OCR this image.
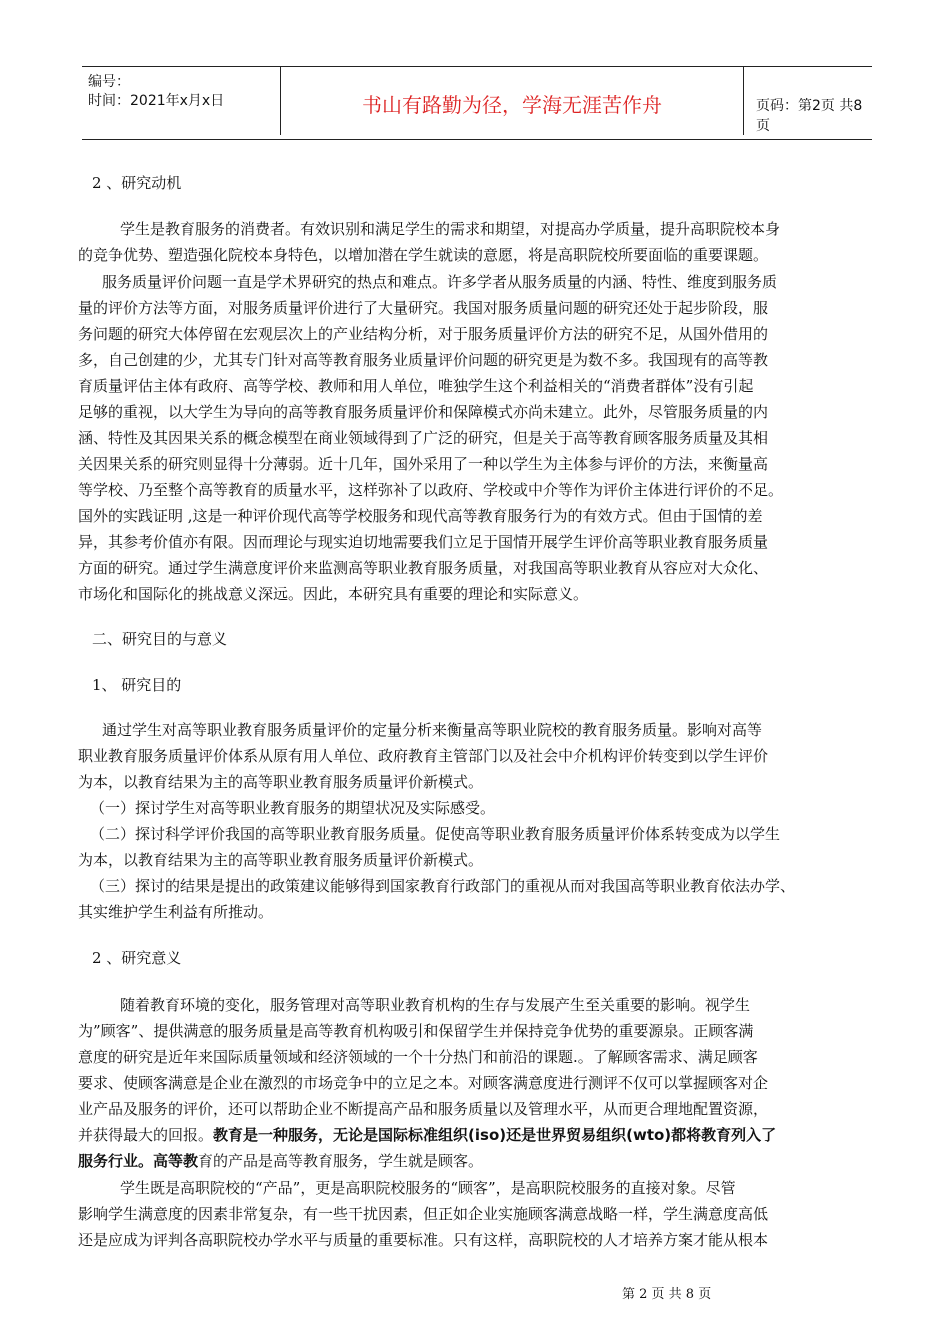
编号：
时间：2021年x月x日	书山有路勤为径，学海无涯苦作舟	页码：第2页 共8页
2 、研究动机
学生是教育服务的消费者。有效识别和满足学生的需求和期望，对提高办学质量，提升高职院校本身
的竞争优势、塑造强化院校本身特色，以增加潜在学生就读的意愿，将是高职院校所要面临的重要课题。
服务质量评价问题一直是学术界研究的热点和难点。许多学者从服务质量的内涵、特性、维度到服务质
量的评价方法等方面，对服务质量评价进行了大量研究。我国对服务质量问题的研究还处于起步阶段，服
务问题的研究大体停留在宏观层次上的产业结构分析，对于服务质量评价方法的研究不足，从国外借用的
多，自己创建的少，尤其专门针对高等教育服务业质量评价问题的研究更是为数不多。我国现有的高等教
育质量评估主体有政府、高等学校、教师和用人单位，唯独学生这个利益相关的“消费者群体”没有引起
足够的重视，以大学生为导向的高等教育服务质量评价和保障模式亦尚未建立。此外，尽管服务质量的内
涵、特性及其因果关系的概念模型在商业领域得到了广泛的研究，但是关于高等教育顾客服务质量及其相
关因果关系的研究则显得十分薄弱。近十几年，国外采用了一种以学生为主体参与评价的方法，来衡量高
等学校、乃至整个高等教育的质量水平，这样弥补了以政府、学校或中介等作为评价主体进行评价的不足。
国外的实践证明 ,这是一种评价现代高等学校服务和现代高等教育服务行为的有效方式。但由于国情的差
异，其参考价值亦有限。因而理论与现实迫切地需要我们立足于国情开展学生评价高等职业教育服务质量
方面的研究。通过学生满意度评价来监测高等职业教育服务质量，对我国高等职业教育从容应对大众化、
市场化和国际化的挑战意义深远。因此，本研究具有重要的理论和实际意义。
二、研究目的与意义
1、 研究目的
通过学生对高等职业教育服务质量评价的定量分析来衡量高等职业院校的教育服务质量。影响对高等
职业教育服务质量评价体系从原有用人单位、政府教育主管部门以及社会中介机构评价转变到以学生评价
为本，以教育结果为主的高等职业教育服务质量评价新模式。
（一）探讨学生对高等职业教育服务的期望状况及实际感受。
（二）探讨科学评价我国的高等职业教育服务质量。促使高等职业教育服务质量评价体系转变成为以学生
为本，以教育结果为主的高等职业教育服务质量评价新模式。
（三）探讨的结果是提出的政策建议能够得到国家教育行政部门的重视从而对我国高等职业教育依法办学、
其实维护学生利益有所推动。
2 、研究意义
随着教育环境的变化，服务管理对高等职业教育机构的生存与发展产生至关重要的影响。视学生
为”顾客”、提供满意的服务质量是高等教育机构吸引和保留学生并保持竞争优势的重要源泉。正顾客满
意度的研究是近年来国际质量领域和经济领域的一个十分热门和前沿的课题.。了解顾客需求、满足顾客
要求、使顾客满意是企业在激烈的市场竞争中的立足之本。对顾客满意度进行测评不仅可以掌握顾客对企
业产品及服务的评价，还可以帮助企业不断提高产品和服务质量以及管理水平，从而更合理地配置资源，
并获得最大的回报。教育是一种服务，无论是国际标准组织(iso)还是世界贸易组织(wto)都将教育列入了
服务行业。高等教育的产品是高等教育服务，学生就是顾客。
学生既是高职院校的“产品”，更是高职院校服务的“顾客”，是高职院校服务的直接对象。尽管
影响学生满意度的因素非常复杂，有一些干扰因素，但正如企业实施顾客满意战略一样，学生满意度高低
还是应成为评判各高职院校办学水平与质量的重要标准。只有这样，高职院校的人才培养方案才能从根本
第 2 页 共 8 页
